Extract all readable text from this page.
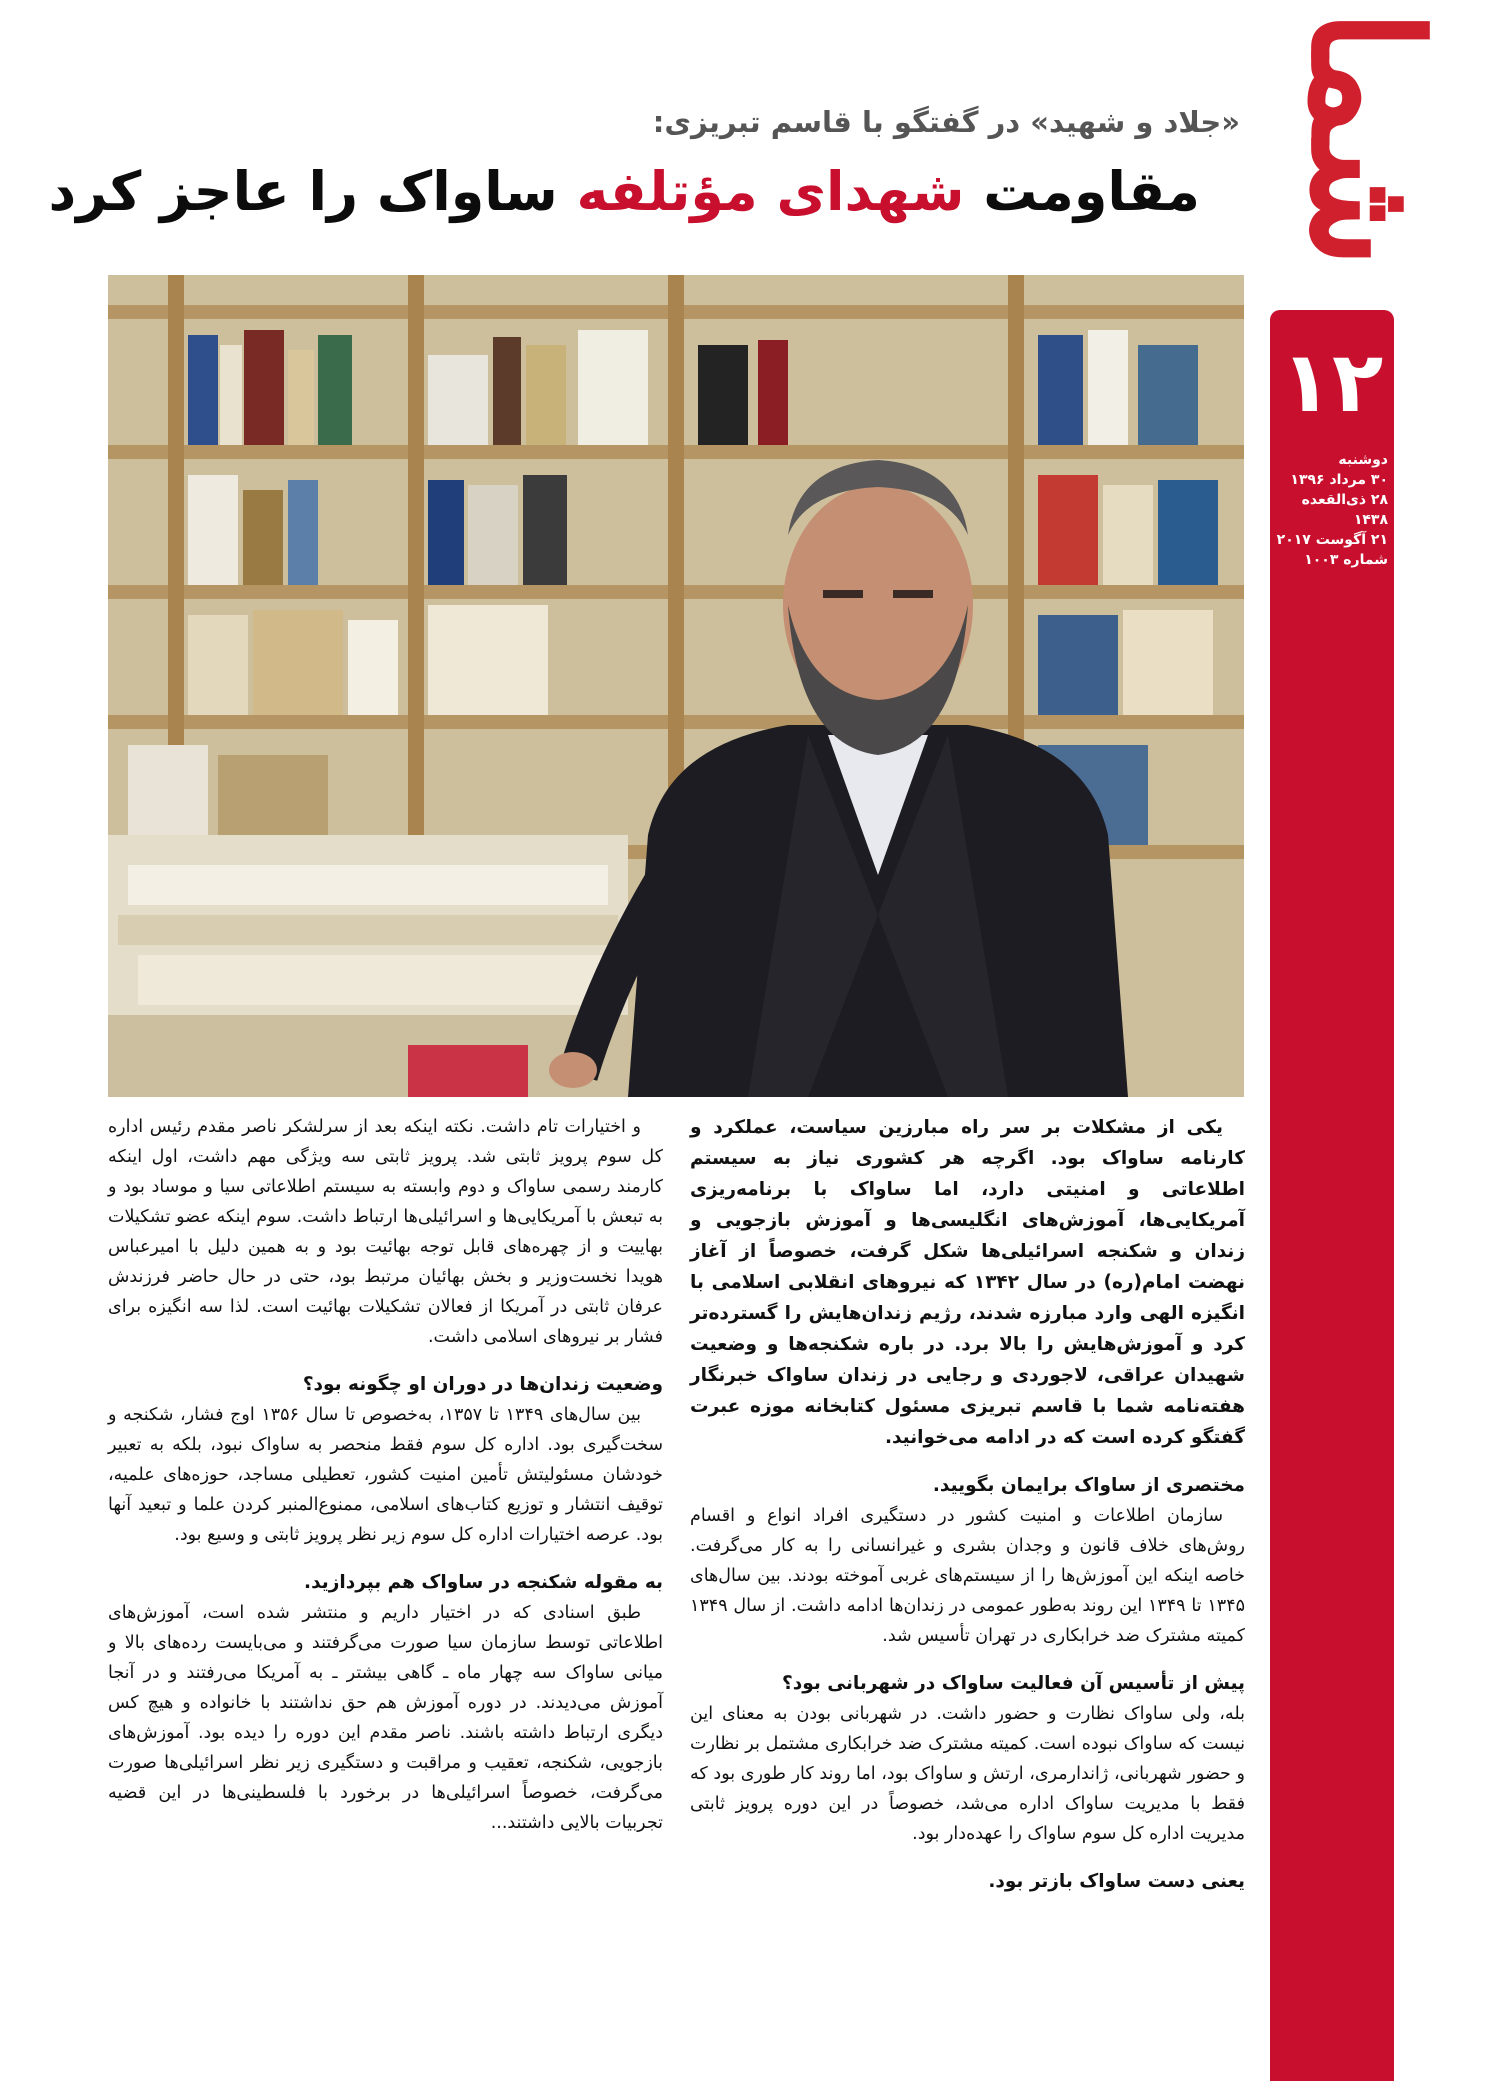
شما
۱۲
دوشنبه
۳۰ مرداد ۱۳۹۶
۲۸ ذی‌القعده ۱۴۳۸
۲۱ آگوست ۲۰۱۷
شماره ۱۰۰۳
«جلاد و شهید» در گفتگو با قاسم تبریزی:
مقاومت شهدای مؤتلفه ساواک را عاجز کرد

یکی از مشکلات بر سر راه مبارزین سیاست، عملکرد و کارنامه ساواک بود. اگرچه هر کشوری نیاز به سیستم اطلاعاتی و امنیتی دارد، اما ساواک با برنامه‌ریزی آمریکایی‌ها، آموزش‌های انگلیسی‌ها و آموزش بازجویی و زندان و شکنجه اسرائیلی‌ها شکل گرفت، خصوصاً از آغاز نهضت امام(ره) در سال ۱۳۴۲ که نیروهای انقلابی اسلامی با انگیزه الهی وارد مبارزه شدند، رژیم زندان‌هایش را گسترده‌تر کرد و آموزش‌هایش را بالا برد. در باره شکنجه‌ها و وضعیت شهیدان عراقی، لاجوردی و رجایی در زندان ساواک خبرنگار هفته‌نامه شما با قاسم تبریزی مسئول کتابخانه موزه عبرت گفتگو کرده است که در ادامه می‌خوانید.

مختصری از ساواک برایمان بگویید.

سازمان اطلاعات و امنیت کشور در دستگیری افراد انواع و اقسام روش‌های خلاف قانون و وجدان بشری و غیرانسانی را به کار می‌گرفت. خاصه اینکه این آموزش‌ها را از سیستم‌های غربی آموخته بودند. بین سال‌های ۱۳۴۵ تا ۱۳۴۹ این روند به‌طور عمومی در زندان‌ها ادامه داشت. از سال ۱۳۴۹ کمیته مشترک ضد خرابکاری در تهران تأسیس شد.

پیش از تأسیس آن فعالیت ساواک در شهربانی بود؟

بله، ولی ساواک نظارت و حضور داشت. در شهربانی بودن به معنای این نیست که ساواک نبوده است. کمیته مشترک ضد خرابکاری مشتمل بر نظارت و حضور شهربانی، ژاندارمری، ارتش و ساواک بود، اما روند کار طوری بود که فقط با مدیریت ساواک اداره می‌شد، خصوصاً در این دوره پرویز ثابتی مدیریت اداره کل سوم ساواک را عهده‌دار بود.

یعنی دست ساواک بازتر بود.

و اختیارات تام داشت. نکته اینکه بعد از سرلشکر ناصر مقدم رئیس اداره کل سوم پرویز ثابتی شد. پرویز ثابتی سه ویژگی مهم داشت، اول اینکه کارمند رسمی ساواک و دوم وابسته به سیستم اطلاعاتی سیا و موساد بود و به تبعش با آمریکایی‌ها و اسرائیلی‌ها ارتباط داشت. سوم اینکه عضو تشکیلات بهاییت و از چهره‌های قابل توجه بهائیت بود و به همین دلیل با امیرعباس هویدا نخست‌وزیر و بخش بهائیان مرتبط بود، حتی در حال حاضر فرزندش عرفان ثابتی در آمریکا از فعالان تشکیلات بهائیت است. لذا سه انگیزه برای فشار بر نیروهای اسلامی داشت.

وضعیت زندان‌ها در دوران او چگونه بود؟

بین سال‌های ۱۳۴۹ تا ۱۳۵۷، به‌خصوص تا سال ۱۳۵۶ اوج فشار، شکنجه و سخت‌گیری بود. اداره کل سوم فقط منحصر به ساواک نبود، بلکه به تعبیر خودشان مسئولیتش تأمین امنیت کشور، تعطیلی مساجد، حوزه‌های علمیه، توقیف انتشار و توزیع کتاب‌های اسلامی، ممنوع‌المنبر کردن علما و تبعید آنها بود. عرصه اختیارات اداره کل سوم زیر نظر پرویز ثابتی و وسیع بود.

به مقوله شکنجه در ساواک هم بپردازید.

طبق اسنادی که در اختیار داریم و منتشر شده است، آموزش‌های اطلاعاتی توسط سازمان سیا صورت می‌گرفتند و می‌بایست رده‌های بالا و میانی ساواک سه چهار ماه ـ گاهی بیشتر ـ به آمریکا می‌رفتند و در آنجا آموزش می‌دیدند. در دوره آموزش هم حق نداشتند با خانواده و هیچ کس دیگری ارتباط داشته باشند. ناصر مقدم این دوره را دیده بود. آموزش‌های بازجویی، شکنجه، تعقیب و مراقبت و دستگیری زیر نظر اسرائیلی‌ها صورت می‌گرفت، خصوصاً اسرائیلی‌ها در برخورد با فلسطینی‌ها در این قضیه تجربیات بالایی داشتند...
